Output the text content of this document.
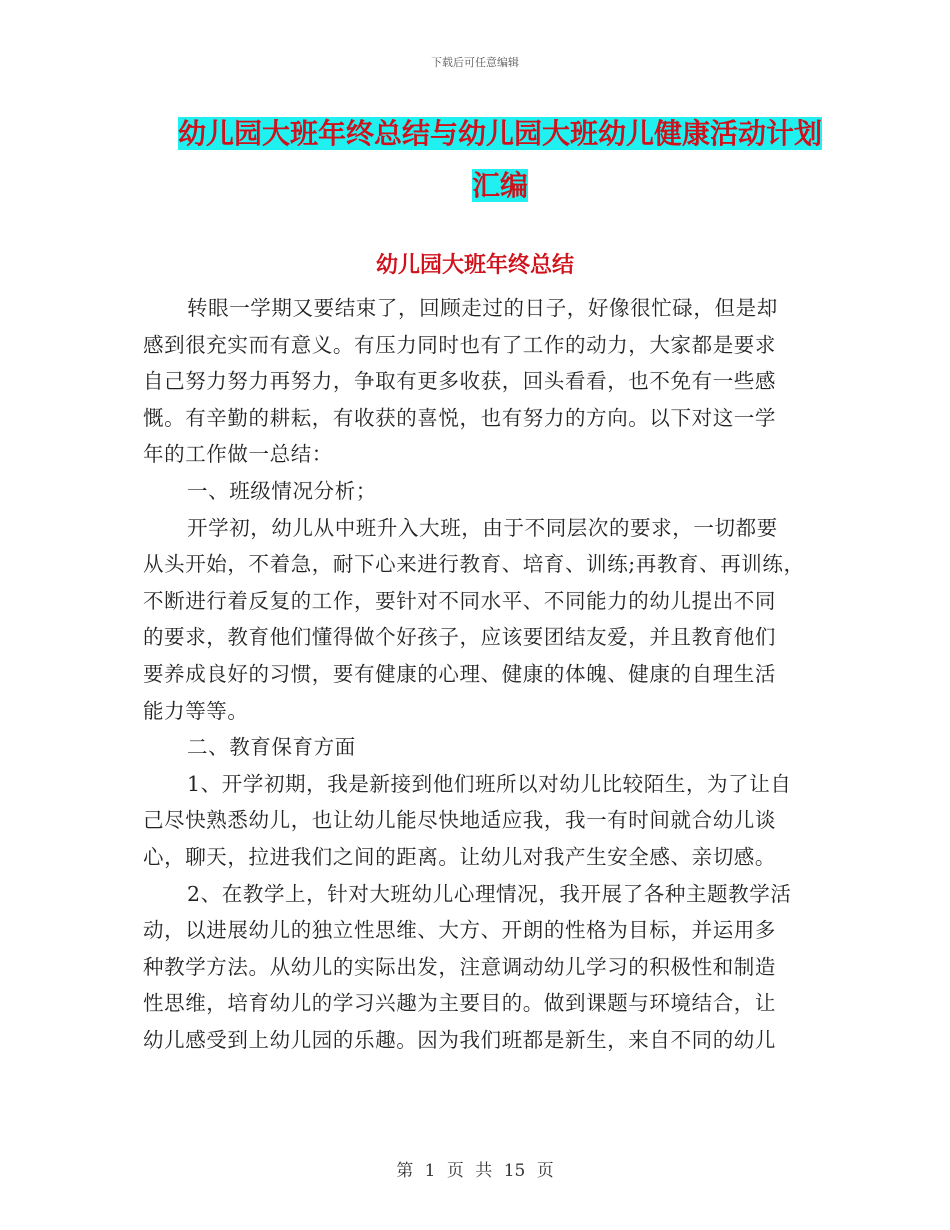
下载后可任意编辑
幼儿园大班年终总结与幼儿园大班幼儿健康活动计划
汇编
幼儿园大班年终总结
转眼一学期又要结束了，回顾走过的日子，好像很忙碌，但是却
感到很充实而有意义。有压力同时也有了工作的动力，大家都是要求
自己努力努力再努力，争取有更多收获，回头看看，也不免有一些感
慨。有辛勤的耕耘，有收获的喜悦，也有努力的方向。以下对这一学
年的工作做一总结：
一、班级情况分析；
开学初，幼儿从中班升入大班，由于不同层次的要求，一切都要
从头开始，不着急，耐下心来进行教育、培育、训练;再教育、再训练，
不断进行着反复的工作，要针对不同水平、不同能力的幼儿提出不同
的要求，教育他们懂得做个好孩子，应该要团结友爱，并且教育他们
要养成良好的习惯，要有健康的心理、健康的体魄、健康的自理生活
能力等等。
二、教育保育方面
1、开学初期，我是新接到他们班所以对幼儿比较陌生，为了让自
己尽快熟悉幼儿，也让幼儿能尽快地适应我，我一有时间就合幼儿谈
心，聊天，拉进我们之间的距离。让幼儿对我产生安全感、亲切感。
2、在教学上，针对大班幼儿心理情况，我开展了各种主题教学活
动，以进展幼儿的独立性思维、大方、开朗的性格为目标，并运用多
种教学方法。从幼儿的实际出发，注意调动幼儿学习的积极性和制造
性思维，培育幼儿的学习兴趣为主要目的。做到课题与环境结合，让
幼儿感受到上幼儿园的乐趣。因为我们班都是新生，来自不同的幼儿
第 1 页 共 15 页
